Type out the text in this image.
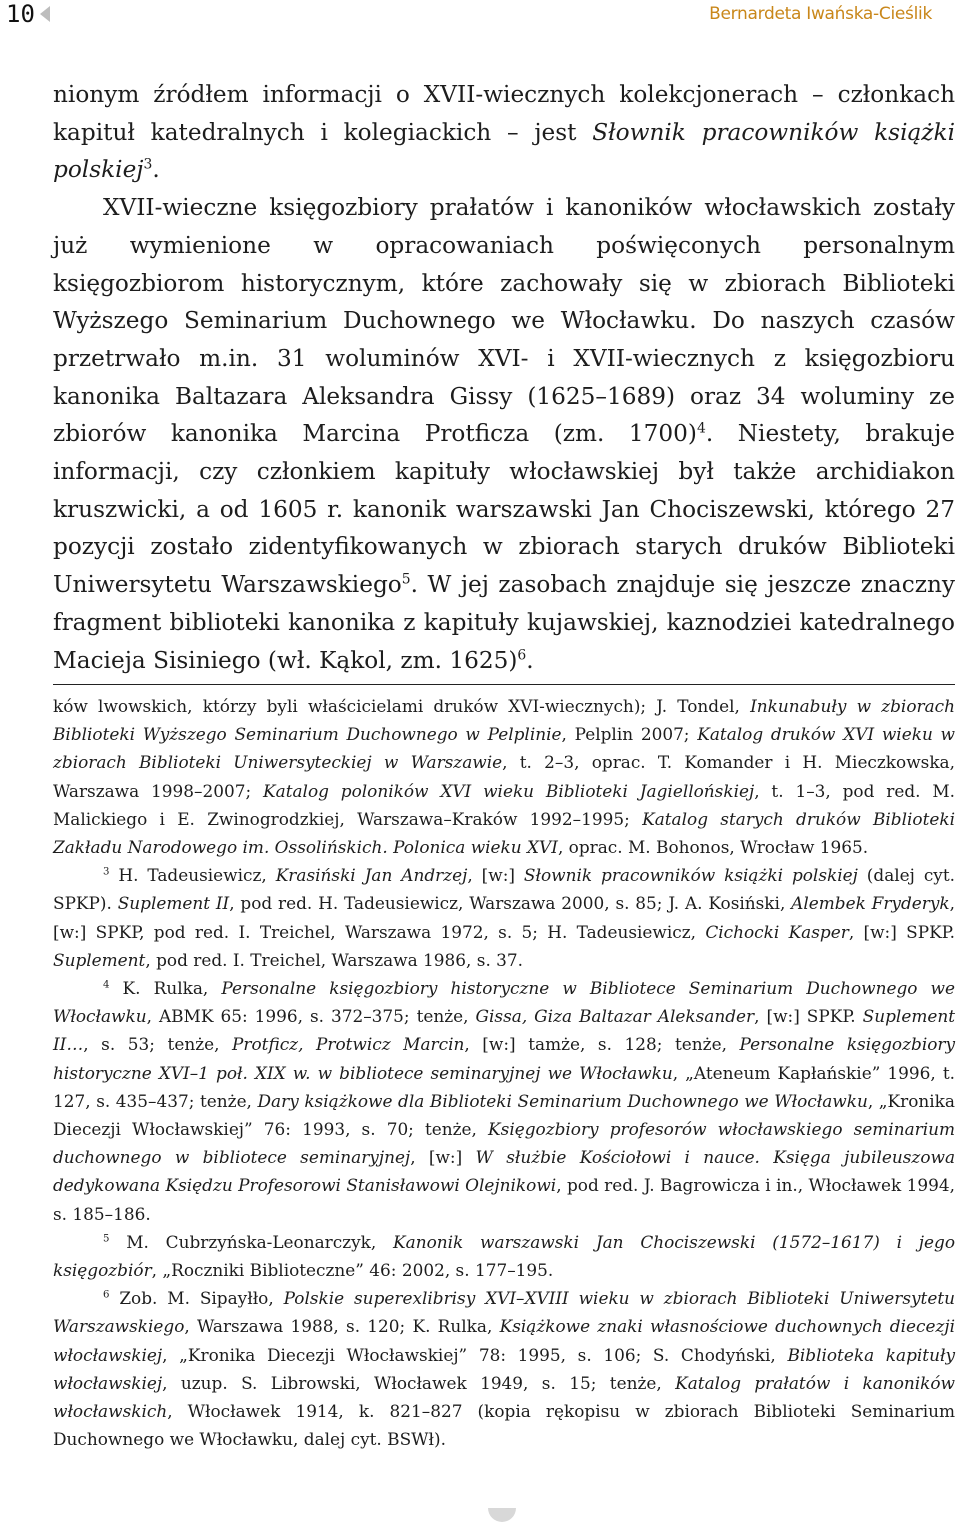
10	Bernardeta Iwańska-Cieślik

nionym źródłem informacji o XVII-wiecznych kolekcjonerach – członkach kapituł katedralnych i kolegiackich – jest Słownik pracowników książki polskiej$^3$.

XVII-wieczne księgozbiory prałatów i kanoników włocławskich zostały już wymienione w opracowaniach poświęconych personalnym księgozbiorom historycznym, które zachowały się w zbiorach Biblioteki Wyższego Seminarium Duchownego we Włocławku. Do naszych czasów przetrwało m.in. 31 woluminów XVI- i XVII-wiecznych z księgozbioru kanonika Baltazara Aleksandra Gissy (1625–1689) oraz 34 woluminy ze zbiorów kanonika Marcina Protficza (zm. 1700)$^4$. Niestety, brakuje informacji, czy członkiem kapituły włocławskiej był także archidiakon kruszwicki, a od 1605 r. kanonik warszawski Jan Chociszewski, którego 27 pozycji zostało zidentyfikowanych w zbiorach starych druków Biblioteki Uniwersytetu Warszawskiego$^5$. W jej zasobach znajduje się jeszcze znaczny fragment biblioteki kanonika z kapituły kujawskiej, kaznodziei katedralnego Macieja Sisiniego (wł. Kąkol, zm. 1625)$^6$.

ków lwowskich, którzy byli właścicielami druków XVI-wiecznych); J. Tondel, Inkunabuły w zbiorach Biblioteki Wyższego Seminarium Duchownego w Pelplinie, Pelplin 2007; Katalog druków XVI wieku w zbiorach Biblioteki Uniwersyteckiej w Warszawie, t. 2–3, oprac. T. Komander i H. Mieczkowska, Warszawa 1998–2007; Katalog poloników XVI wieku Biblioteki Jagiellońskiej, t. 1–3, pod red. M. Malickiego i E. Zwinogrodzkiej, Warszawa–Kraków 1992–1995; Katalog starych druków Biblioteki Zakładu Narodowego im. Ossolińskich. Polonica wieku XVI, oprac. M. Bohonos, Wrocław 1965.

$^3$ H. Tadeusiewicz, Krasiński Jan Andrzej, [w:] Słownik pracowników książki polskiej (dalej cyt. SPKP). Suplement II, pod red. H. Tadeusiewicz, Warszawa 2000, s. 85; J. A. Kosiński, Alembek Fryderyk, [w:] SPKP, pod red. I. Treichel, Warszawa 1972, s. 5; H. Tadeusiewicz, Cichocki Kasper, [w:] SPKP. Suplement, pod red. I. Treichel, Warszawa 1986, s. 37.

$^4$ K. Rulka, Personalne księgozbiory historyczne w Bibliotece Seminarium Duchownego we Włocławku, ABMK 65: 1996, s. 372–375; tenże, Gissa, Giza Baltazar Aleksander, [w:] SPKP. Suplement II…, s. 53; tenże, Protficz, Protwicz Marcin, [w:] tamże, s. 128; tenże, Personalne księgozbiory historyczne XVI–1 poł. XIX w. w bibliotece seminaryjnej we Włocławku, „Ateneum Kapłańskie” 1996, t. 127, s. 435–437; tenże, Dary książkowe dla Biblioteki Seminarium Duchownego we Włocławku, „Kronika Diecezji Włocławskiej” 76: 1993, s. 70; tenże, Księgozbiory profesorów włocławskiego seminarium duchownego w bibliotece seminaryjnej, [w:] W służbie Kościołowi i nauce. Księga jubileuszowa dedykowana Księdzu Profesorowi Stanisławowi Olejnikowi, pod red. J. Bagrowicza i in., Włocławek 1994, s. 185–186.

$^5$ M. Cubrzyńska-Leonarczyk, Kanonik warszawski Jan Chociszewski (1572–1617) i jego księgozbiór, „Roczniki Biblioteczne” 46: 2002, s. 177–195.

$^6$ Zob. M. Sipayłło, Polskie superexlibrisy XVI–XVIII wieku w zbiorach Biblioteki Uniwersytetu Warszawskiego, Warszawa 1988, s. 120; K. Rulka, Książkowe znaki własnościowe duchownych diecezji włocławskiej, „Kronika Diecezji Włocławskiej” 78: 1995, s. 106; S. Chodyński, Biblioteka kapituły włocławskiej, uzup. S. Librowski, Włocławek 1949, s. 15; tenże, Katalog prałatów i kanoników włocławskich, Włocławek 1914, k. 821–827 (kopia rękopisu w zbiorach Biblioteki Seminarium Duchownego we Włocławku, dalej cyt. BSWł).
